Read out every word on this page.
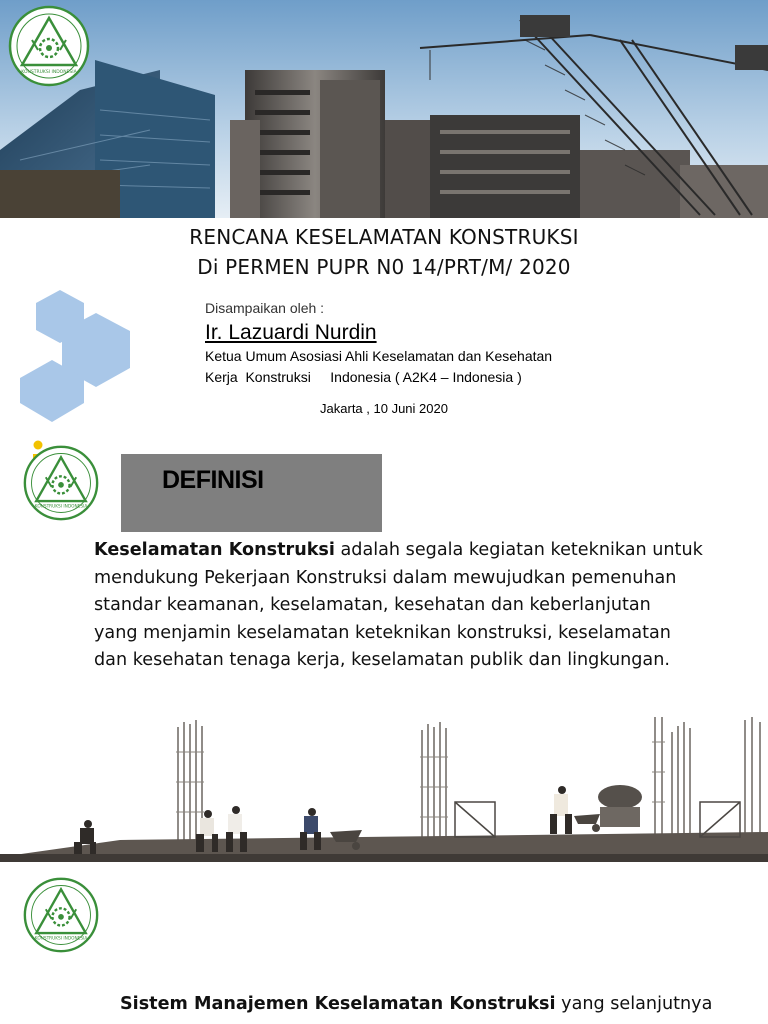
KONSTRUKSI INDONESIA
RENCANA KESELAMATAN KONSTRUKSI
Di PERMEN PUPR N0 14/PRT/M/ 2020
Disampaikan oleh :
Ir. Lazuardi Nurdin
Ketua Umum Asosiasi Ahli Keselamatan dan Kesehatan
Kerja  Konstruksi     Indonesia ( A2K4 – Indonesia )
Jakarta , 10 Juni 2020
KONSTRUKSI INDONESIA
DEFINISI
Keselamatan Konstruksi adalah segala kegiatan keteknikan untuk
mendukung Pekerjaan Konstruksi dalam mewujudkan pemenuhan
standar keamanan, keselamatan, kesehatan dan keberlanjutan
yang menjamin keselamatan keteknikan konstruksi, keselamatan
dan kesehatan tenaga kerja, keselamatan publik dan lingkungan.
KONSTRUKSI INDONESIA
Sistem Manajemen Keselamatan Konstruksi yang selanjutnya
